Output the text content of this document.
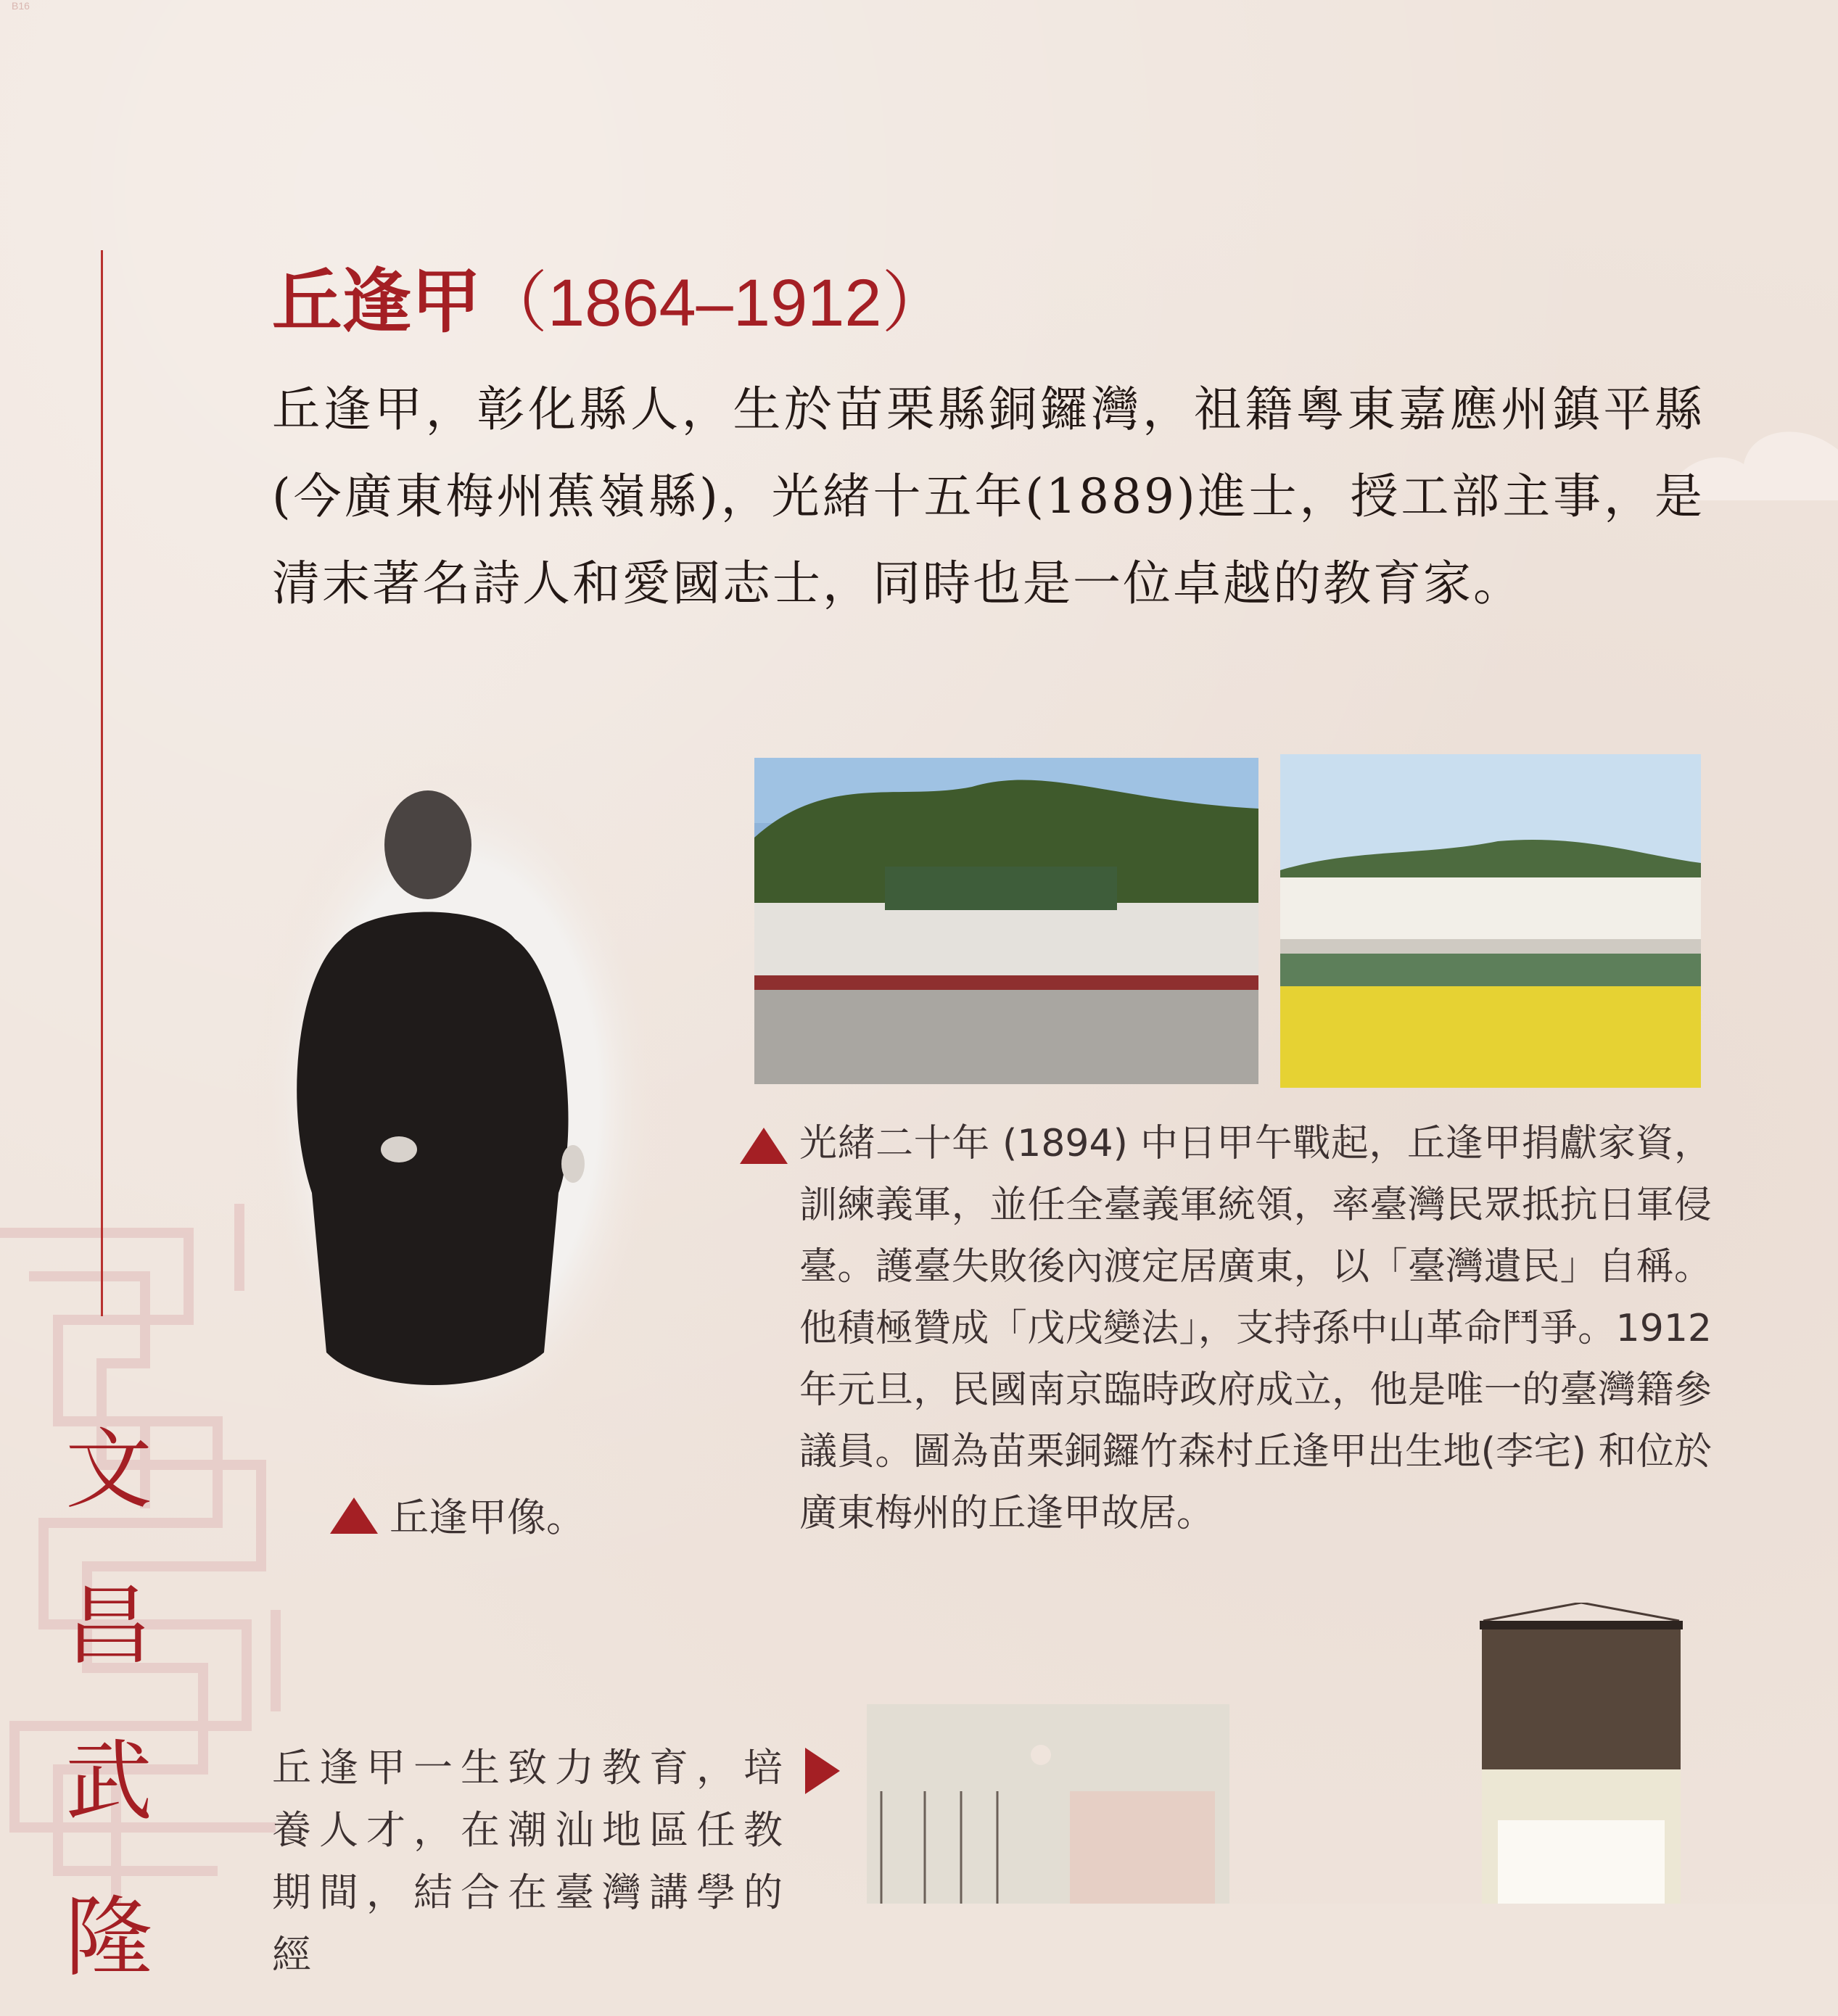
B16
文
昌
武
隆
丘逢甲（1864–1912）
丘逢甲，彰化縣人，生於苗栗縣銅鑼灣，祖籍粵東嘉應州鎮平縣(今廣東梅州蕉嶺縣)，光緒十五年(1889)進士，授工部主事，是清末著名詩人和愛國志士，同時也是一位卓越的教育家。
丘逢甲像。

光緒二十年 (1894) 中日甲午戰起，丘逢甲捐獻家資，訓練義軍，並任全臺義軍統領，率臺灣民眾抵抗日軍侵臺。護臺失敗後內渡定居廣東，以「臺灣遺民」自稱。他積極贊成「戊戌變法」，支持孫中山革命鬥爭。1912年元旦，民國南京臨時政府成立，他是唯一的臺灣籍參議員。圖為苗栗銅鑼竹森村丘逢甲出生地(李宅) 和位於廣東梅州的丘逢甲故居。

丘逢甲一生致力教育，培養人才，在潮汕地區任教期間，結合在臺灣講學的經
